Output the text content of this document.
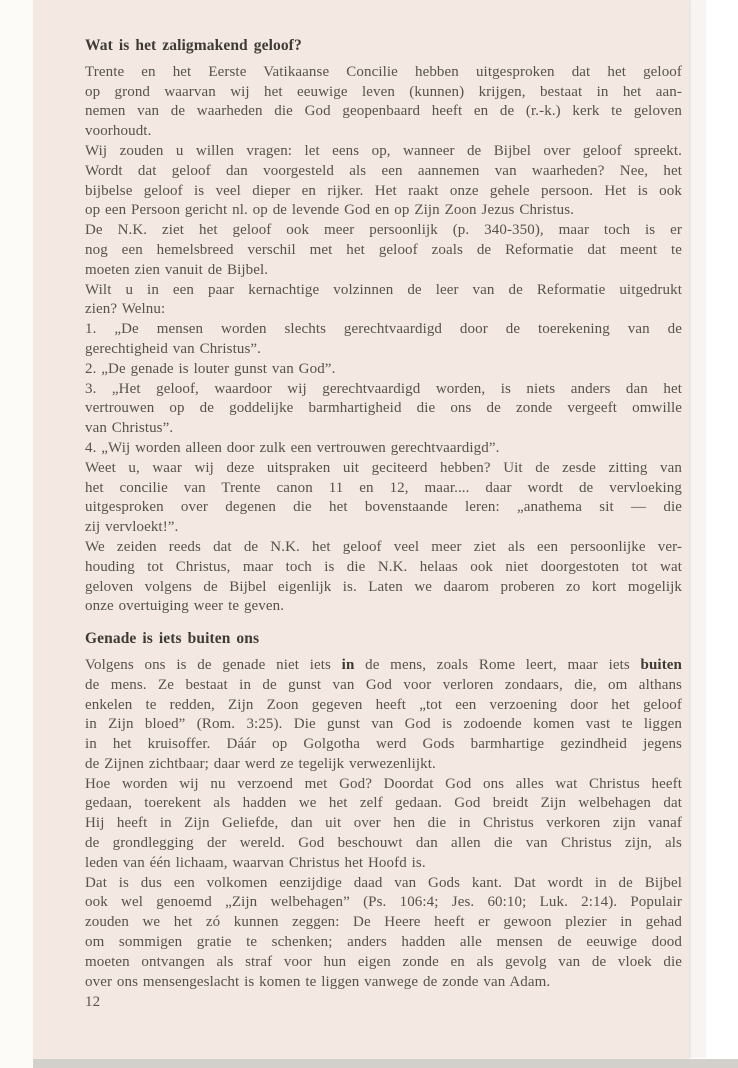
Wat is het zaligmakend geloof?
Trente en het Eerste Vatikaanse Concilie hebben uitgesproken dat het geloof
op grond waarvan wij het eeuwige leven (kunnen) krijgen, bestaat in het aan-
nemen van de waarheden die God geopenbaard heeft en de (r.-k.) kerk te geloven
voorhoudt.
Wij zouden u willen vragen: let eens op, wanneer de Bijbel over geloof spreekt.
Wordt dat geloof dan voorgesteld als een aannemen van waarheden? Nee, het
bijbelse geloof is veel dieper en rijker. Het raakt onze gehele persoon. Het is ook
op een Persoon gericht nl. op de levende God en op Zijn Zoon Jezus Christus.
De N.K. ziet het geloof ook meer persoonlijk (p. 340-350), maar toch is er
nog een hemelsbreed verschil met het geloof zoals de Reformatie dat meent te
moeten zien vanuit de Bijbel.
Wilt u in een paar kernachtige volzinnen de leer van de Reformatie uitgedrukt
zien? Welnu:
1. „De mensen worden slechts gerechtvaardigd door de toerekening van de
gerechtigheid van Christus”.
2. „De genade is louter gunst van God”.
3. „Het geloof, waardoor wij gerechtvaardigd worden, is niets anders dan het
vertrouwen op de goddelijke barmhartigheid die ons de zonde vergeeft omwille
van Christus”.
4. „Wij worden alleen door zulk een vertrouwen gerechtvaardigd”.
Weet u, waar wij deze uitspraken uit geciteerd hebben? Uit de zesde zitting van
het concilie van Trente canon 11 en 12, maar.... daar wordt de vervloeking
uitgesproken over degenen die het bovenstaande leren: „anathema sit — die
zij vervloekt!”.
We zeiden reeds dat de N.K. het geloof veel meer ziet als een persoonlijke ver-
houding tot Christus, maar toch is die N.K. helaas ook niet doorgestoten tot wat
geloven volgens de Bijbel eigenlijk is. Laten we daarom proberen zo kort mogelijk
onze overtuiging weer te geven.
Genade is iets buiten ons
Volgens ons is de genade niet iets in de mens, zoals Rome leert, maar iets buiten
de mens. Ze bestaat in de gunst van God voor verloren zondaars, die, om althans
enkelen te redden, Zijn Zoon gegeven heeft „tot een verzoening door het geloof
in Zijn bloed” (Rom. 3:25). Die gunst van God is zodoende komen vast te liggen
in het kruisoffer. Dáár op Golgotha werd Gods barmhartige gezindheid jegens
de Zijnen zichtbaar; daar werd ze tegelijk verwezenlijkt.
Hoe worden wij nu verzoend met God? Doordat God ons alles wat Christus heeft
gedaan, toerekent als hadden we het zelf gedaan. God breidt Zijn welbehagen dat
Hij heeft in Zijn Geliefde, dan uit over hen die in Christus verkoren zijn vanaf
de grondlegging der wereld. God beschouwt dan allen die van Christus zijn, als
leden van één lichaam, waarvan Christus het Hoofd is.
Dat is dus een volkomen eenzijdige daad van Gods kant. Dat wordt in de Bijbel
ook wel genoemd „Zijn welbehagen” (Ps. 106:4; Jes. 60:10; Luk. 2:14). Populair
zouden we het zó kunnen zeggen: De Heere heeft er gewoon plezier in gehad
om sommigen gratie te schenken; anders hadden alle mensen de eeuwige dood
moeten ontvangen als straf voor hun eigen zonde en als gevolg van de vloek die
over ons mensengeslacht is komen te liggen vanwege de zonde van Adam.
12
